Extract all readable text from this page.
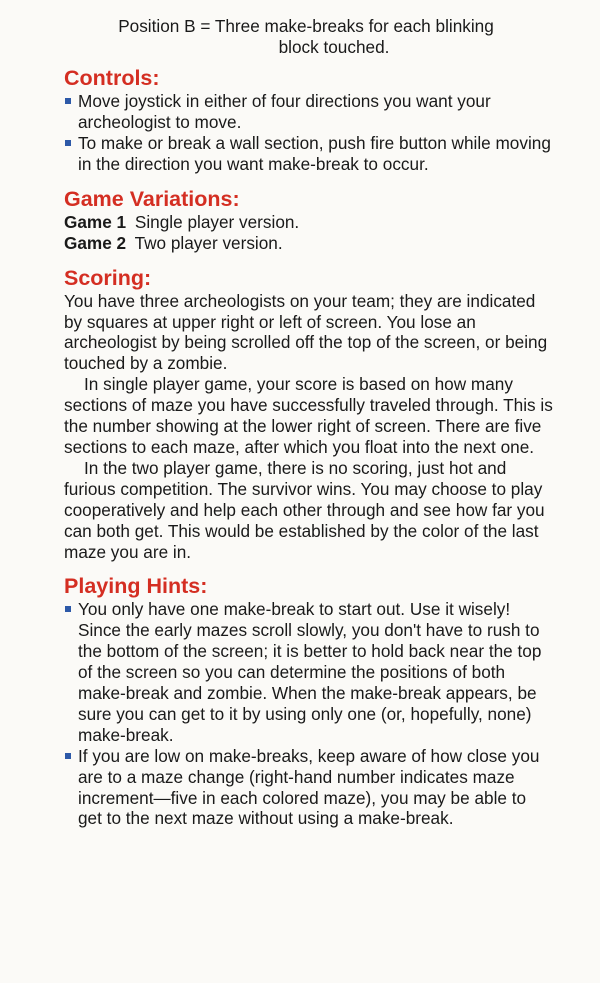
Position B = Three make-breaks for each blinking

block touched.

Controls:
Move joystick in either of four directions you want your archeologist to move.
To make or break a wall section, push fire button while moving in the direction you want make-break to occur.
Game Variations:

Game 1 Single player version.

Game 2 Two player version.

Scoring:

You have three archeologists on your team; they are indicated by squares at upper right or left of screen. You lose an archeologist by being scrolled off the top of the screen, or being touched by a zombie.

In single player game, your score is based on how many sections of maze you have successfully traveled through. This is the number showing at the lower right of screen. There are five sections to each maze, after which you float into the next one.

In the two player game, there is no scoring, just hot and furious competition. The survivor wins. You may choose to play cooperatively and help each other through and see how far you can both get. This would be established by the color of the last maze you are in.

Playing Hints:
You only have one make-break to start out. Use it wisely! Since the early mazes scroll slowly, you don't have to rush to the bottom of the screen; it is better to hold back near the top of the screen so you can determine the positions of both make-break and zombie. When the make-break appears, be sure you can get to it by using only one (or, hopefully, none) make-break.
If you are low on make-breaks, keep aware of how close you are to a maze change (right-hand number indicates maze increment—five in each colored maze), you may be able to get to the next maze without using a make-break.
